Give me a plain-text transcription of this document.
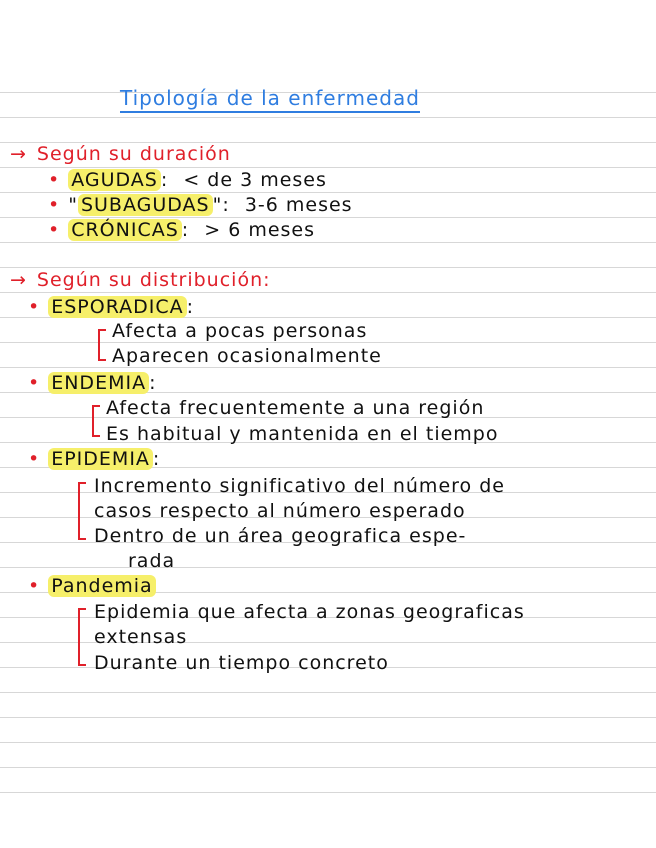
Tipología de la enfermedad
→ Según su duración
• AGUDAS : < de 3 meses
• " SUBAGUDAS ": 3-6 meses
• CRÓNICAS : > 6 meses
→ Según su distribución:
• ESPORADICA :
Afecta a pocas personas
Aparecen ocasionalmente
• ENDEMIA :
Afecta frecuentemente a una región
Es habitual y mantenida en el tiempo
• EPIDEMIA :
Incremento significativo del número de
casos respecto al número esperado
Dentro de un área geografica espe-
rada
• Pandemia
Epidemia que afecta a zonas geograficas
extensas
Durante un tiempo concreto
